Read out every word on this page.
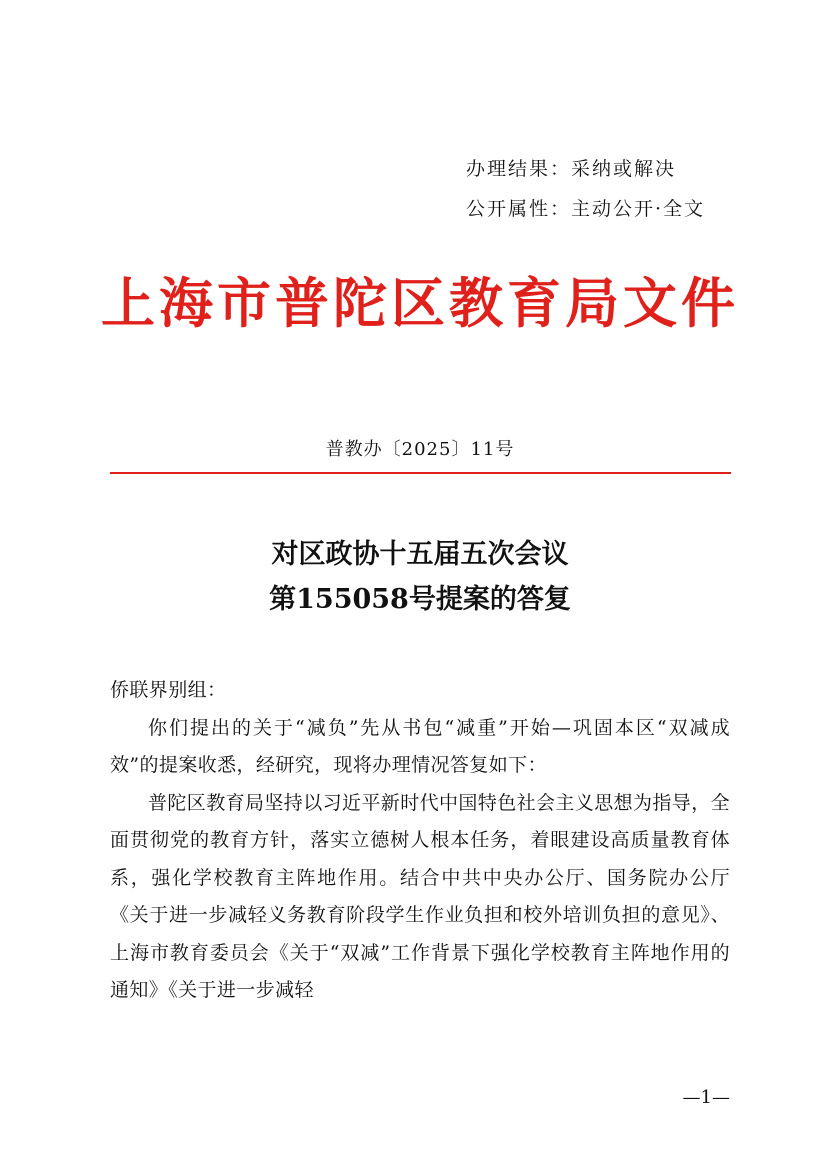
办理结果：采纳或解决
公开属性：主动公开·全文
上海市普陀区教育局文件
普教办〔2025〕11号
对区政协十五届五次会议
第155058号提案的答复

侨联界别组：

你们提出的关于“减负”先从书包“减重”开始—巩固本区“双减成效”的提案收悉，经研究，现将办理情况答复如下：

普陀区教育局坚持以习近平新时代中国特色社会主义思想为指导，全面贯彻党的教育方针，落实立德树人根本任务，着眼建设高质量教育体系，强化学校教育主阵地作用。结合中共中央办公厅、国务院办公厅《关于进一步减轻义务教育阶段学生作业负担和校外培训负担的意见》、上海市教育委员会《关于“双减”工作背景下强化学校教育主阵地作用的通知》《关于进一步减轻

—1—
